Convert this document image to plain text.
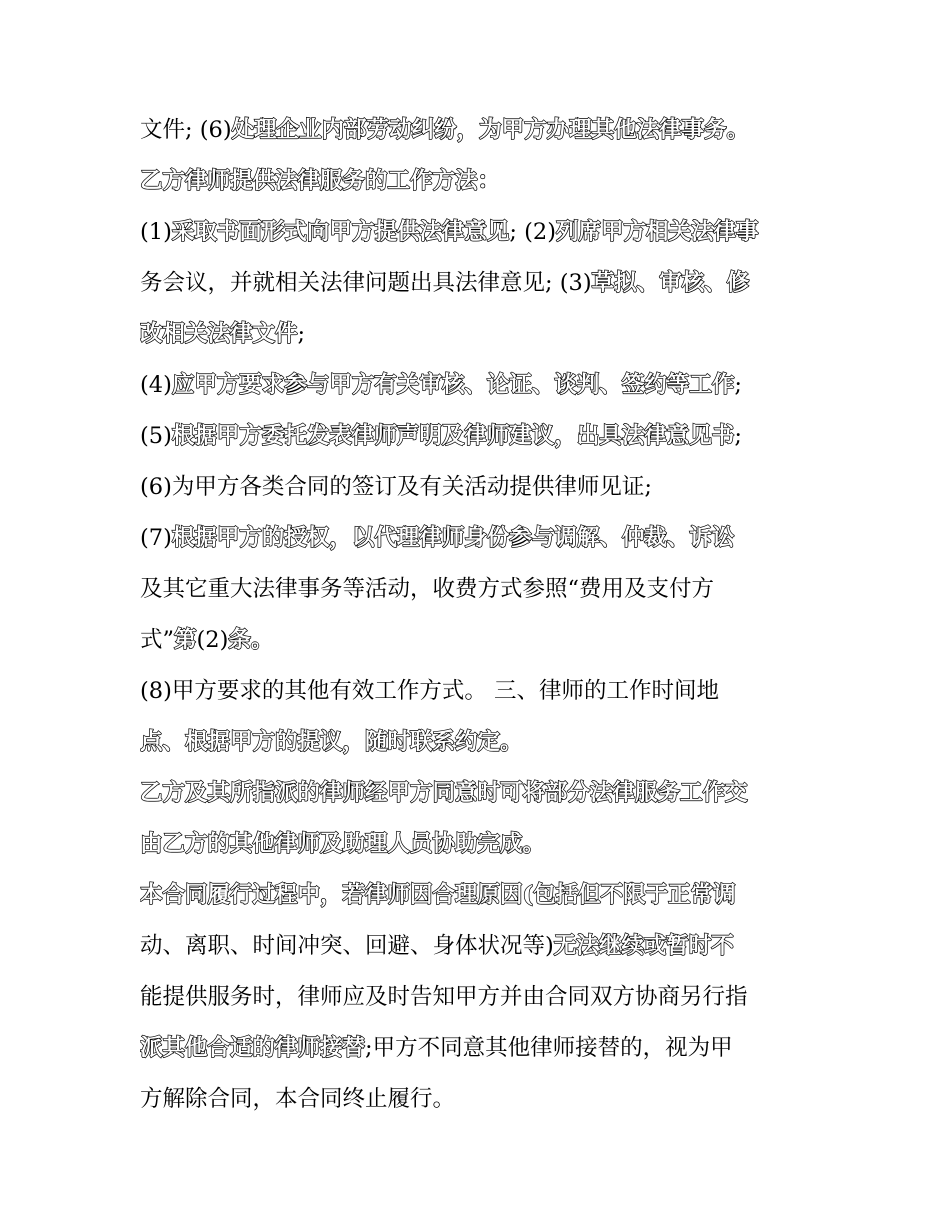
文件; (6)处理企业内部劳动纠纷，为甲方办理其他法律事务。
乙方律师提供法律服务的工作方法：
(1)采取书面形式向甲方提供法律意见; (2)列席甲方相关法律事
务会议，并就相关法律问题出具法律意见; (3)草拟、审核、修
改相关法律文件;
(4)应甲方要求参与甲方有关审核、论证、谈判、签约等工作;
(5)根据甲方委托发表律师声明及律师建议，出具法律意见书;
(6)为甲方各类合同的签订及有关活动提供律师见证;
(7)根据甲方的授权，以代理律师身份参与调解、仲裁、诉讼
及其它重大法律事务等活动，收费方式参照“费用及支付方
式”第(2)条。
(8)甲方要求的其他有效工作方式。 三、律师的工作时间地
点、根据甲方的提议，随时联系约定。
乙方及其所指派的律师经甲方同意时可将部分法律服务工作交
由乙方的其他律师及助理人员协助完成。
本合同履行过程中，若律师因合理原因(包括但不限于正常调
动、离职、时间冲突、回避、身体状况等)无法继续或暂时不
能提供服务时，律师应及时告知甲方并由合同双方协商另行指
派其他合适的律师接替;甲方不同意其他律师接替的，视为甲
方解除合同，本合同终止履行。
